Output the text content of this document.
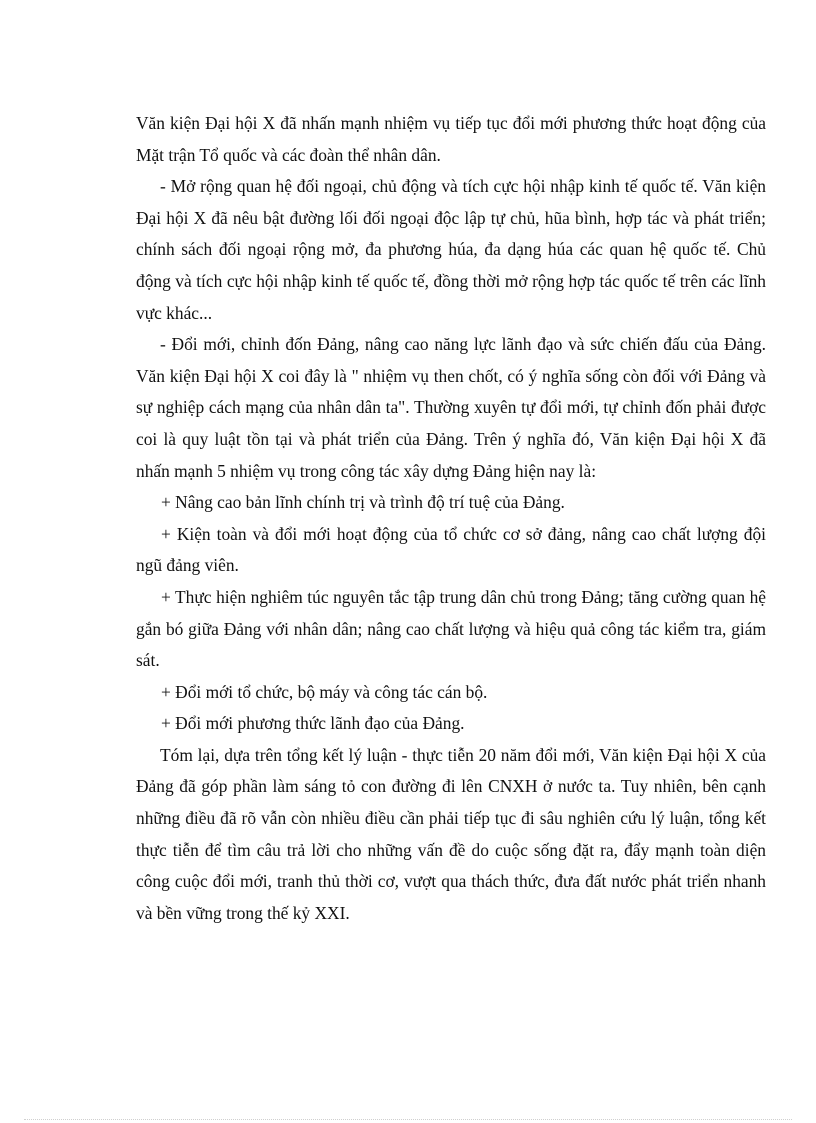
Văn kiện Đại hội X đã nhấn mạnh nhiệm vụ tiếp tục đổi mới phương thức hoạt động của Mặt trận Tổ quốc và các đoàn thể nhân dân.

- Mở rộng quan hệ đối ngoại, chủ động và tích cực hội nhập kinh tế quốc tế. Văn kiện Đại hội X đã nêu bật đường lối đối ngoại độc lập tự chủ, hũa bình, hợp tác và phát triển; chính sách đối ngoại rộng mở, đa phương húa, đa dạng húa các quan hệ quốc tế. Chủ động và tích cực hội nhập kinh tế quốc tế, đồng thời mở rộng hợp tác quốc tế trên các lĩnh vực khác...

- Đổi mới, chỉnh đốn Đảng, nâng cao năng lực lãnh đạo và sức chiến đấu của Đảng. Văn kiện Đại hội X coi đây là " nhiệm vụ then chốt, có ý nghĩa sống còn đối với Đảng và sự nghiệp cách mạng của nhân dân ta". Thường xuyên tự đổi mới, tự chỉnh đốn phải được coi là quy luật tồn tại và phát triển của Đảng. Trên ý nghĩa đó, Văn kiện Đại hội X đã nhấn mạnh 5 nhiệm vụ trong công tác xây dựng Đảng hiện nay là:

+ Nâng cao bản lĩnh chính trị và trình độ trí tuệ của Đảng.

+ Kiện toàn và đổi mới hoạt động của tổ chức cơ sở đảng, nâng cao chất lượng đội ngũ đảng viên.

+ Thực hiện nghiêm túc nguyên tắc tập trung dân chủ trong Đảng; tăng cường quan hệ gắn bó giữa Đảng với nhân dân; nâng cao chất lượng và hiệu quả công tác kiểm tra, giám sát.

+ Đổi mới tổ chức, bộ máy và công tác cán bộ.

+ Đổi mới phương thức lãnh đạo của Đảng.

Tóm lại, dựa trên tổng kết lý luận - thực tiễn 20 năm đổi mới, Văn kiện Đại hội X của Đảng đã góp phần làm sáng tỏ con đường đi lên CNXH ở nước ta. Tuy nhiên, bên cạnh những điều đã rõ vẫn còn nhiều điều cần phải tiếp tục đi sâu nghiên cứu lý luận, tổng kết thực tiễn để tìm câu trả lời cho những vấn đề do cuộc sống đặt ra, đẩy mạnh toàn diện công cuộc đổi mới, tranh thủ thời cơ, vượt qua thách thức, đưa đất nước phát triển nhanh và bền vững trong thế kỷ XXI.
